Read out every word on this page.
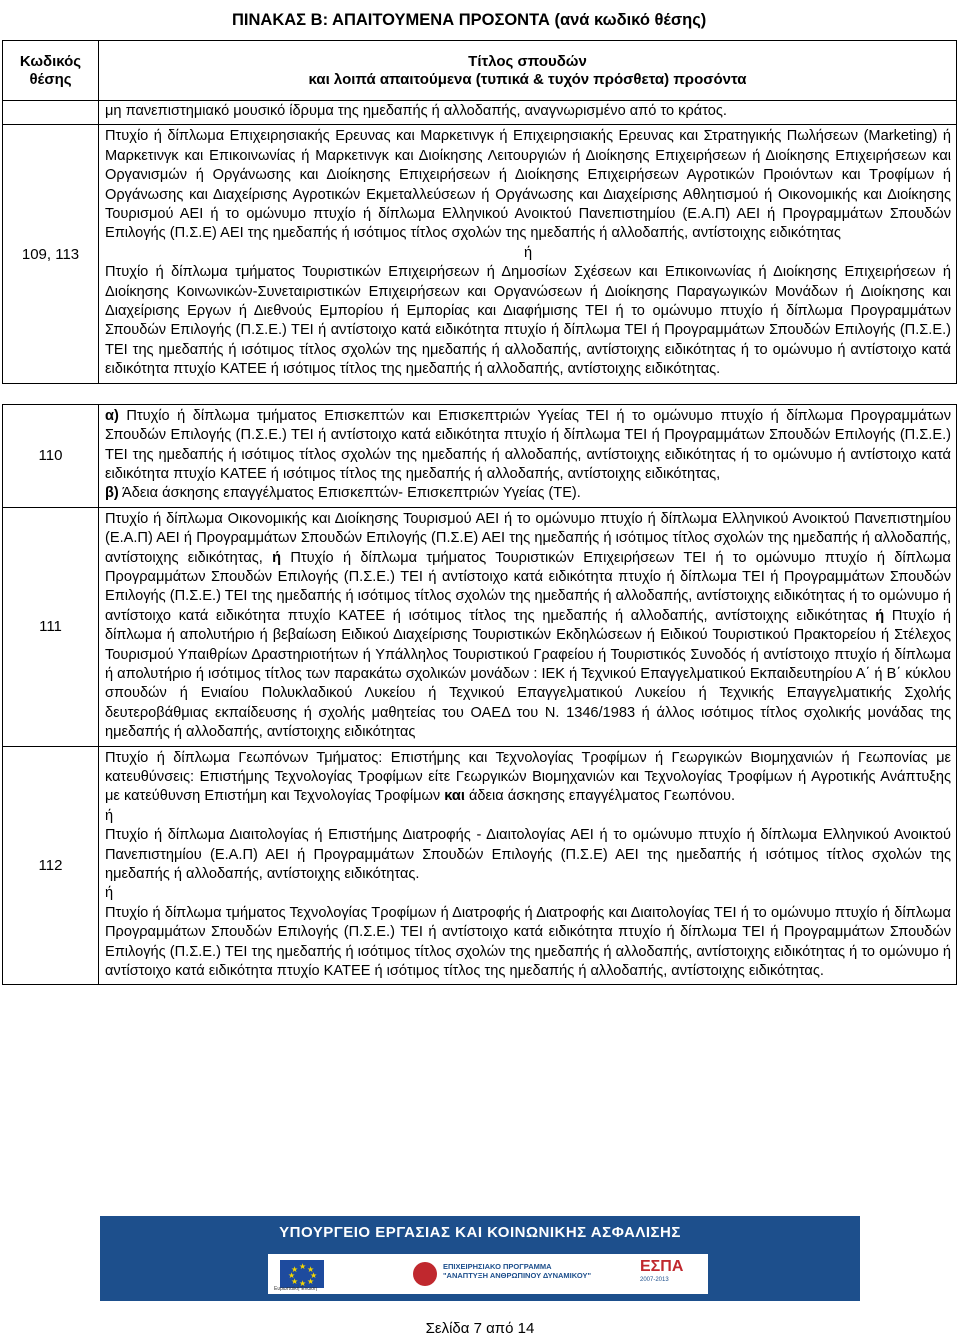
ΠΙΝΑΚΑΣ Β: ΑΠΑΙΤΟΥΜΕΝΑ ΠΡΟΣΟΝΤΑ (ανά κωδικό θέσης)
Κωδικός
θέσης	Τίτλος σπουδών
και λοιπά απαιτούμενα (τυπικά & τυχόν πρόσθετα) προσόντα

	μη πανεπιστημιακό μουσικό ίδρυμα της ημεδαπής ή αλλοδαπής, αναγνωρισμένο από το κράτος.

109, 113	Πτυχίο ή δίπλωμα Επιχειρησιακής Ερευνας και Μαρκετινγκ ή Επιχειρησιακής Ερευνας και Στρατηγικής Πωλήσεων (Marketing) ή Μαρκετινγκ και Επικοινωνίας ή Μαρκετινγκ και Διοίκησης Λειτουργιών ή Διοίκησης Επιχειρήσεων ή Διοίκησης Επιχειρήσεων και Οργανισμών ή Οργάνωσης και Διοίκησης Επιχειρήσεων ή Διοίκησης Επιχειρήσεων Αγροτικών Προιόντων και Τροφίμων ή Οργάνωσης και Διαχείρισης Αγροτικών Εκμεταλλεύσεων ή Οργάνωσης και Διαχείρισης Αθλητισμού ή Οικονομικής και Διοίκησης Τουρισμού ΑΕΙ ή το ομώνυμο πτυχίο ή δίπλωμα Ελληνικού Ανοικτού Πανεπιστημίου (Ε.Α.Π) ΑΕΙ ή Προγραμμάτων Σπουδών Επιλογής (Π.Σ.Ε) ΑΕΙ της ημεδαπής ή ισότιμος τίτλος σχολών της ημεδαπής ή αλλοδαπής, αντίστοιχης ειδικότητας

ή

Πτυχίο ή δίπλωμα τμήματος Τουριστικών Επιχειρήσεων ή Δημοσίων Σχέσεων και Επικοινωνίας ή Διοίκησης Επιχειρήσεων ή Διοίκησης Κοινωνικών-Συνεταιριστικών Επιχειρήσεων και Οργανώσεων ή Διοίκησης Παραγωγικών Μονάδων ή Διοίκησης και Διαχείρισης Εργων ή Διεθνούς Εμπορίου ή Εμπορίας και Διαφήμισης ΤΕΙ ή το ομώνυμο πτυχίο ή δίπλωμα Προγραμμάτων Σπουδών Επιλογής (Π.Σ.Ε.) ΤΕΙ ή αντίστοιχο κατά ειδικότητα πτυχίο ή δίπλωμα ΤΕΙ ή Προγραμμάτων Σπουδών Επιλογής (Π.Σ.Ε.) ΤΕΙ της ημεδαπής ή ισότιμος τίτλος σχολών της ημεδαπής ή αλλοδαπής, αντίστοιχης ειδικότητας ή το ομώνυμο ή αντίστοιχο κατά ειδικότητα πτυχίο ΚΑΤΕΕ ή ισότιμος τίτλος της ημεδαπής ή αλλοδαπής, αντίστοιχης ειδικότητας.

110	α) Πτυχίο ή δίπλωμα τμήματος Επισκεπτών και Επισκεπτριών Υγείας ΤΕΙ ή το ομώνυμο πτυχίο ή δίπλωμα Προγραμμάτων Σπουδών Επιλογής (Π.Σ.Ε.) ΤΕΙ ή αντίστοιχο κατά ειδικότητα πτυχίο ή δίπλωμα ΤΕΙ ή Προγραμμάτων Σπουδών Επιλογής (Π.Σ.Ε.) ΤΕΙ της ημεδαπής ή ισότιμος τίτλος σχολών της ημεδαπής ή αλλοδαπής, αντίστοιχης ειδικότητας ή το ομώνυμο ή αντίστοιχο κατά ειδικότητα πτυχίο ΚΑΤΕΕ ή ισότιμος τίτλος της ημεδαπής ή αλλοδαπής, αντίστοιχης ειδικότητας,

β) Άδεια άσκησης επαγγέλματος Επισκεπτών- Επισκεπτριών Υγείας (ΤΕ).

111	Πτυχίο ή δίπλωμα Οικονομικής και Διοίκησης Τουρισμού ΑΕΙ ή το ομώνυμο πτυχίο ή δίπλωμα Ελληνικού Ανοικτού Πανεπιστημίου (Ε.Α.Π) ΑΕΙ ή Προγραμμάτων Σπουδών Επιλογής (Π.Σ.Ε) ΑΕΙ της ημεδαπής ή ισότιμος τίτλος σχολών της ημεδαπής ή αλλοδαπής, αντίστοιχης ειδικότητας, ή Πτυχίο ή δίπλωμα τμήματος Τουριστικών Επιχειρήσεων ΤΕΙ ή το ομώνυμο πτυχίο ή δίπλωμα Προγραμμάτων Σπουδών Επιλογής (Π.Σ.Ε.) ΤΕΙ ή αντίστοιχο κατά ειδικότητα πτυχίο ή δίπλωμα ΤΕΙ ή Προγραμμάτων Σπουδών Επιλογής (Π.Σ.Ε.) ΤΕΙ της ημεδαπής ή ισότιμος τίτλος σχολών της ημεδαπής ή αλλοδαπής, αντίστοιχης ειδικότητας ή το ομώνυμο ή αντίστοιχο κατά ειδικότητα πτυχίο ΚΑΤΕΕ ή ισότιμος τίτλος της ημεδαπής ή αλλοδαπής, αντίστοιχης ειδικότητας ή Πτυχίο ή δίπλωμα ή απολυτήριο ή βεβαίωση Ειδικού Διαχείρισης Τουριστικών Εκδηλώσεων ή Ειδικού Τουριστικού Πρακτορείου ή Στέλεχος Τουρισμού Υπαιθρίων Δραστηριοτήτων ή Υπάλληλος Τουριστικού Γραφείου ή Τουριστικός Συνοδός ή αντίστοιχο πτυχίο ή δίπλωμα ή απολυτήριο ή ισότιμος τίτλος των παρακάτω σχολικών μονάδων : ΙΕΚ ή Τεχνικού Επαγγελματικού Εκπαιδευτηρίου Α΄ ή Β΄ κύκλου σπουδών ή Ενιαίου Πολυκλαδικού Λυκείου ή Τεχνικού Επαγγελματικού Λυκείου ή Τεχνικής Επαγγελματικής Σχολής δευτεροβάθμιας εκπαίδευσης ή σχολής μαθητείας του ΟΑΕΔ του Ν. 1346/1983 ή άλλος ισότιμος τίτλος σχολικής μονάδας της ημεδαπής ή αλλοδαπής, αντίστοιχης ειδικότητας

112	Πτυχίο ή δίπλωμα Γεωπόνων Τμήματος: Επιστήμης και Τεχνολογίας Τροφίμων ή Γεωργικών Βιομηχανιών ή Γεωπονίας με κατευθύνσεις: Επιστήμης Τεχνολογίας Τροφίμων είτε Γεωργικών Βιομηχανιών και Τεχνολογίας Τροφίμων ή Αγροτικής Ανάπτυξης με κατεύθυνση Επιστήμη και Τεχνολογίας Τροφίμων και άδεια άσκησης επαγγέλματος Γεωπόνου.

ή

Πτυχίο ή δίπλωμα Διαιτολογίας ή Επιστήμης Διατροφής - Διαιτολογίας ΑΕΙ ή το ομώνυμο πτυχίο ή δίπλωμα Ελληνικού Ανοικτού Πανεπιστημίου (Ε.Α.Π) ΑΕΙ ή Προγραμμάτων Σπουδών Επιλογής (Π.Σ.Ε) ΑΕΙ της ημεδαπής ή ισότιμος τίτλος σχολών της ημεδαπής ή αλλοδαπής, αντίστοιχης ειδικότητας.

ή

Πτυχίο ή δίπλωμα τμήματος Τεχνολογίας Τροφίμων ή Διατροφής ή Διατροφής και Διαιτολογίας ΤΕΙ ή το ομώνυμο πτυχίο ή δίπλωμα Προγραμμάτων Σπουδών Επιλογής (Π.Σ.Ε.) ΤΕΙ ή αντίστοιχο κατά ειδικότητα πτυχίο ή δίπλωμα ΤΕΙ ή Προγραμμάτων Σπουδών Επιλογής (Π.Σ.Ε.) ΤΕΙ της ημεδαπής ή ισότιμος τίτλος σχολών της ημεδαπής ή αλλοδαπής, αντίστοιχης ειδικότητας ή το ομώνυμο ή αντίστοιχο κατά ειδικότητα πτυχίο ΚΑΤΕΕ ή ισότιμος τίτλος της ημεδαπής ή αλλοδαπής, αντίστοιχης ειδικότητας.

ΥΠΟΥΡΓΕΙΟ ΕΡΓΑΣΙΑΣ ΚΑΙ ΚΟΙΝΩΝΙΚΗΣ ΑΣΦΑΛΙΣΗΣ
★ ★
★
★
★
★
★
★
Ευρωπαϊκή Ένωση
ΕΠΙΧΕΙΡΗΣΙΑΚΟ ΠΡΟΓΡΑΜΜΑ
"ΑΝΑΠΤΥΞΗ ΑΝΘΡΩΠΙΝΟΥ ΔΥΝΑΜΙΚΟΥ"
ΕΣΠΑ
2007-2013
Σελίδα 7 από 14
